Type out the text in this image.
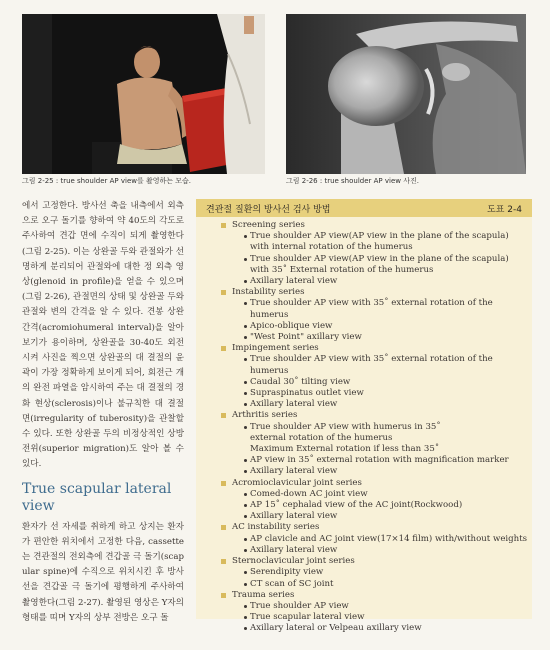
그림 2-25 : true shoulder AP view를 촬영하는 모습.	그림 2-26 : true shoulder AP view 사진.

에서 고정한다. 방사선 축을 내측에서 외측으로 오구 돌기를 향하여 약 40도의 각도로 주사하여 견갑 면에 수직이 되게 촬영한다(그림 2-25). 이는 상완골 두와 관절와가 선명하게 분리되어 관절와에 대한 정 외측 영상(glenoid in profile)을 얻을 수 있으며(그림 2-26), 관절면의 상태 및 상완골 두와 관절와 변의 간격을 알 수 있다. 견봉 상완 간격(acromiohumeral interval)을 알아보기가 용이하며, 상완골을 30-40도 외전시켜 사진을 찍으면 상완골의 대 결절의 윤곽이 가장 정확하게 보이게 되어, 회전근 개의 완전 파열을 암시하여 주는 대 결절의 경화 현상(sclerosis)이나 불규칙한 대 결절 면(irregularity of tuberosity)을 관찰할 수 있다. 또한 상완골 두의 비정상적인 상방 전위(superior migration)도 알아 볼 수 있다.

True scapular lateral view

환자가 선 자세를 취하게 하고 상지는 환자가 편안한 위치에서 고정한 다음, cassette는 견관절의 전외측에 견갑골 극 돌기(scapular spine)에 수직으로 위치시킨 후 방사선을 견갑골 극 돌기에 평행하게 주사하여 촬영한다(그림 2-27). 촬영된 영상은 Y자의 형태를 띠며 Y자의 상부 전방은 오구 돌

견관절 질환의 방사선 검사 방법	도표 2-4
Screening series
True shoulder AP view(AP view in the plane of the scapula)
with internal rotation of the humerus
True shoulder AP view(AP view in the plane of the scapula)
with 35˚ External rotation of the humerus
Axillary lateral view
Instability series
True shoulder AP view with 35˚ external rotation of the humerus
Apico-oblique view
"West Point" axillary view
Impingement series
True shoulder AP view with 35˚ external rotation of the humerus
Caudal 30˚ tilting view
Supraspinatus outlet view
Axillary lateral view
Arthritis series
True shoulder AP view with humerus in 35˚
external rotation of the humerus
Maximum External rotation if less than 35˚
AP view in 35˚ external rotation with magnification marker
Axillary lateral view
Acromioclavicular joint series
Comed-down AC joint view
AP 15˚ cephalad view of the AC joint(Rockwood)
Axillary lateral view
AC instability series
AP clavicle and AC joint view(17×14 film) with/without weights
Axillary lateral view
Sternoclavicular joint series
Serendipity view
CT scan of SC joint
Trauma series
True shoulder AP view
True scapular lateral view
Axillary lateral or Velpeau axillary view
